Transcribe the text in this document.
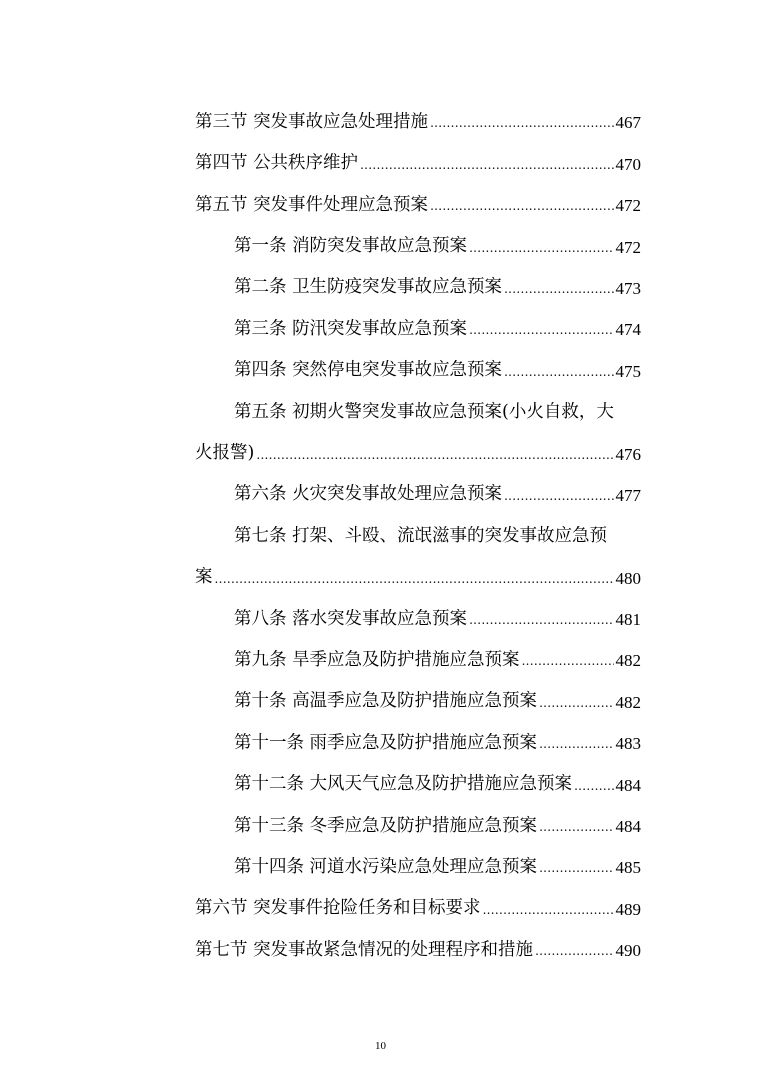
第三节 突发事故应急处理措施 .....	467
第四节 公共秩序维护 .....	470
第五节 突发事件处理应急预案 .....	472
第一条 消防突发事故应急预案 .....	472
第二条 卫生防疫突发事故应急预案 .....	473
第三条 防汛突发事故应急预案 .....	474
第四条 突然停电突发事故应急预案 .....	475
第五条 初期火警突发事故应急预案(小火自救，大
火报警) .....	476
第六条 火灾突发事故处理应急预案 .....	477
第七条 打架、斗殴、流氓滋事的突发事故应急预
案 .....	480
第八条 落水突发事故应急预案 .....	481
第九条 旱季应急及防护措施应急预案 .....	482
第十条 高温季应急及防护措施应急预案 .....	482
第十一条 雨季应急及防护措施应急预案 .....	483
第十二条 大风天气应急及防护措施应急预案 .....	484
第十三条 冬季应急及防护措施应急预案 .....	484
第十四条 河道水污染应急处理应急预案 .....	485
第六节 突发事件抢险任务和目标要求 .....	489
第七节 突发事故紧急情况的处理程序和措施 .....	490
10
